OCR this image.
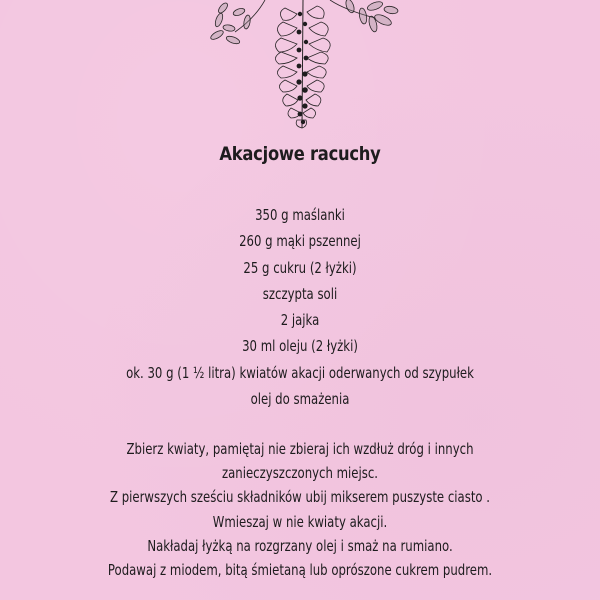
Akacjowe racuchy
350 g maślanki
260 g mąki pszennej
25 g cukru (2 łyżki)
szczypta soli
2 jajka
30 ml oleju (2 łyżki)
ok. 30 g (1 ½ litra) kwiatów akacji oderwanych od szypułek
olej do smażenia
Zbierz kwiaty, pamiętaj nie zbieraj ich wzdłuż dróg i innych
zanieczyszczonych miejsc.
Z pierwszych sześciu składników ubij mikserem puszyste ciasto .
Wmieszaj w nie kwiaty akacji.
Nakładaj łyżką na rozgrzany olej i smaż na rumiano.
Podawaj z miodem, bitą śmietaną lub oprószone cukrem pudrem.
